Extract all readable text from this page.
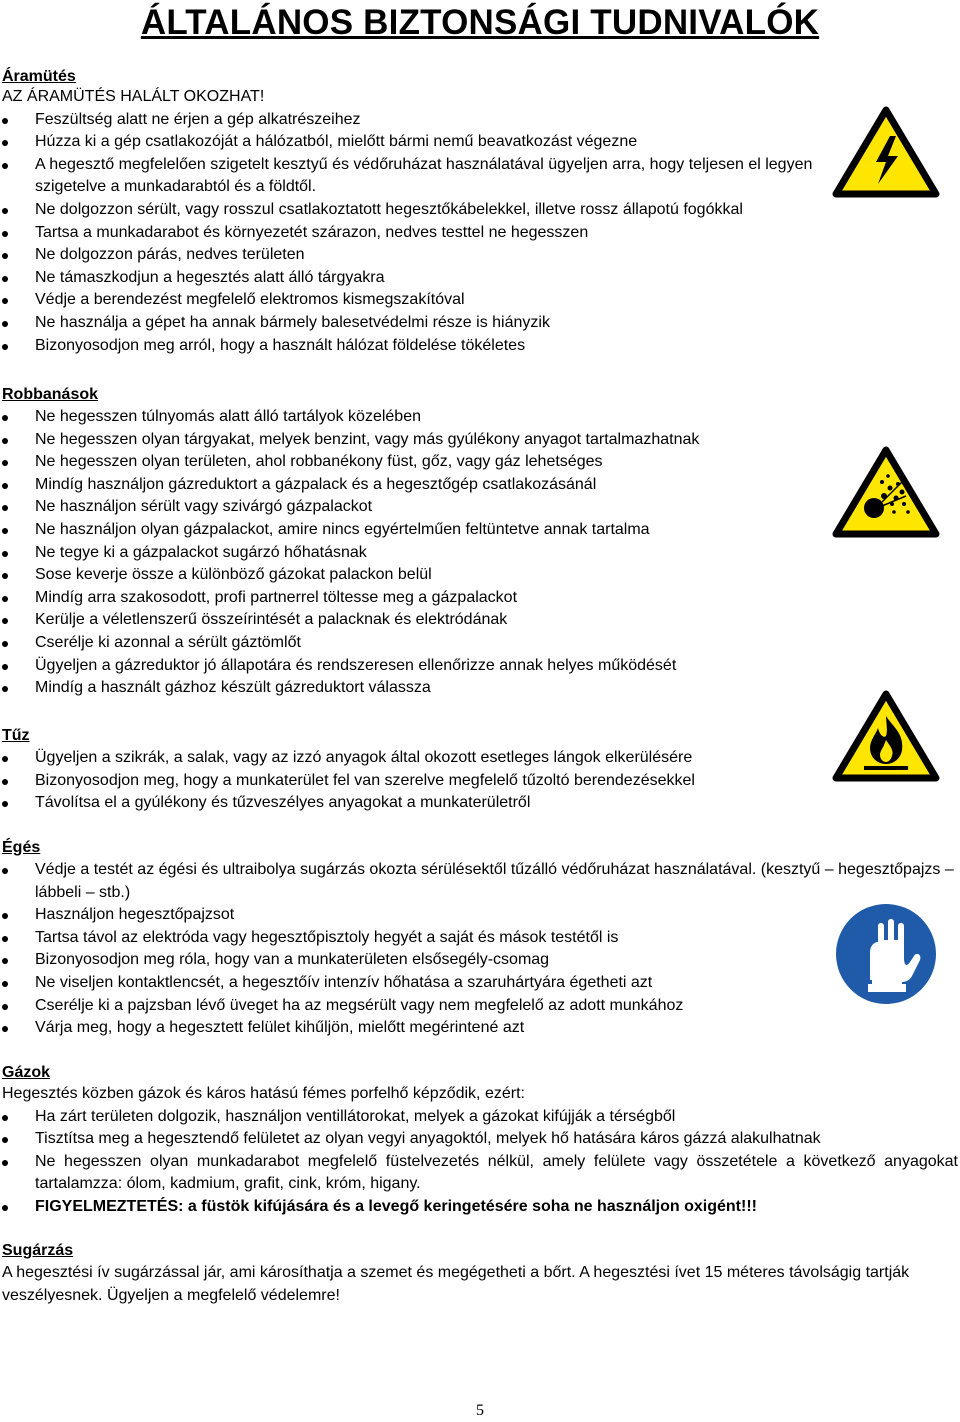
ÁLTALÁNOS BIZTONSÁGI TUDNIVALÓK

Áramütés

AZ ÁRAMÜTÉS HALÁLT OKOZHAT!

Feszültség alatt ne érjen a gép alkatrészeihez
Húzza ki a gép csatlakozóját a hálózatból, mielőtt bármi nemű beavatkozást végezne
A hegesztő megfelelően szigetelt kesztyű és védőruházat használatával ügyeljen arra, hogy teljesen el legyen szigetelve a munkadarabtól és a földtől.
Ne dolgozzon sérült, vagy rosszul csatlakoztatott hegesztőkábelekkel, illetve rossz állapotú fogókkal
Tartsa a munkadarabot és környezetét szárazon, nedves testtel ne hegesszen
Ne dolgozzon párás, nedves területen
Ne támaszkodjun a hegesztés alatt álló tárgyakra
Védje a berendezést megfelelő elektromos kismegszakítóval
Ne használja a gépet ha annak bármely balesetvédelmi része is hiányzik
Bizonyosodjon meg arról, hogy a használt hálózat földelése tökéletes

Robbanások

Ne hegesszen túlnyomás alatt álló tartályok közelében
Ne hegesszen olyan tárgyakat, melyek benzint, vagy más gyúlékony anyagot tartalmazhatnak
Ne hegesszen olyan területen, ahol robbanékony füst, gőz, vagy gáz lehetséges
Mindíg használjon gázreduktort a gázpalack és a hegesztőgép csatlakozásánál
Ne használjon sérült vagy szivárgó gázpalackot
Ne használjon olyan gázpalackot, amire nincs egyértelműen feltüntetve annak tartalma
Ne tegye ki a gázpalackot sugárzó hőhatásnak
Sose keverje össze a különböző gázokat palackon belül
Mindíg arra szakosodott, profi partnerrel töltesse meg a gázpalackot
Kerülje a véletlenszerű összeírintését a palacknak és elektródának
Cserélje ki azonnal a sérült gáztömlőt
Ügyeljen a gázreduktor jó állapotára és rendszeresen ellenőrizze annak helyes működését
Mindíg a használt gázhoz készült gázreduktort válassza

Tűz

Ügyeljen a szikrák, a salak, vagy az izzó anyagok által okozott esetleges lángok elkerülésére
Bizonyosodjon meg, hogy a munkaterület fel van szerelve megfelelő tűzoltó berendezésekkel
Távolítsa el a gyúlékony és tűzveszélyes anyagokat a munkaterületről

Égés

Védje a testét az égési és ultraibolya sugárzás okozta sérülésektől tűzálló védőruházat használatával. (kesztyű – hegesztőpajzs – lábbeli – stb.)
Használjon hegesztőpajzsot
Tartsa távol az elektróda vagy hegesztőpisztoly hegyét a saját és mások testétől is
Bizonyosodjon meg róla, hogy van a munkaterületen elsősegély-csomag
Ne viseljen kontaktlencsét, a hegesztőív intenzív hőhatása a szaruhártyára égetheti azt
Cserélje ki a pajzsban lévő üveget ha az megsérült vagy nem megfelelő az adott munkához
Várja meg, hogy a hegesztett felület kihűljön, mielőtt megérintené azt

Gázok

Hegesztés közben gázok és káros hatású fémes porfelhő képződik, ezért:

Ha zárt területen dolgozik, használjon ventillátorokat, melyek a gázokat kifújják a térségből
Tisztítsa meg a hegesztendő felületet az olyan vegyi anyagoktól, melyek hő hatására káros gázzá alakulhatnak
Ne hegesszen olyan munkadarabot megfelelő füstelvezetés nélkül, amely felülete vagy összetétele a következő anyagokat tartalamzza: ólom, kadmium, grafit, cink, króm, higany.
FIGYELMEZTETÉS: a füstök kifújására és a levegő keringetésére soha ne használjon oxigént!!!

Sugárzás

A hegesztési ív sugárzással jár, ami károsíthatja a szemet és megégetheti a bőrt. A hegesztési ívet 15 méteres távolságig tartják veszélyesnek. Ügyeljen a megfelelő védelemre!

5
